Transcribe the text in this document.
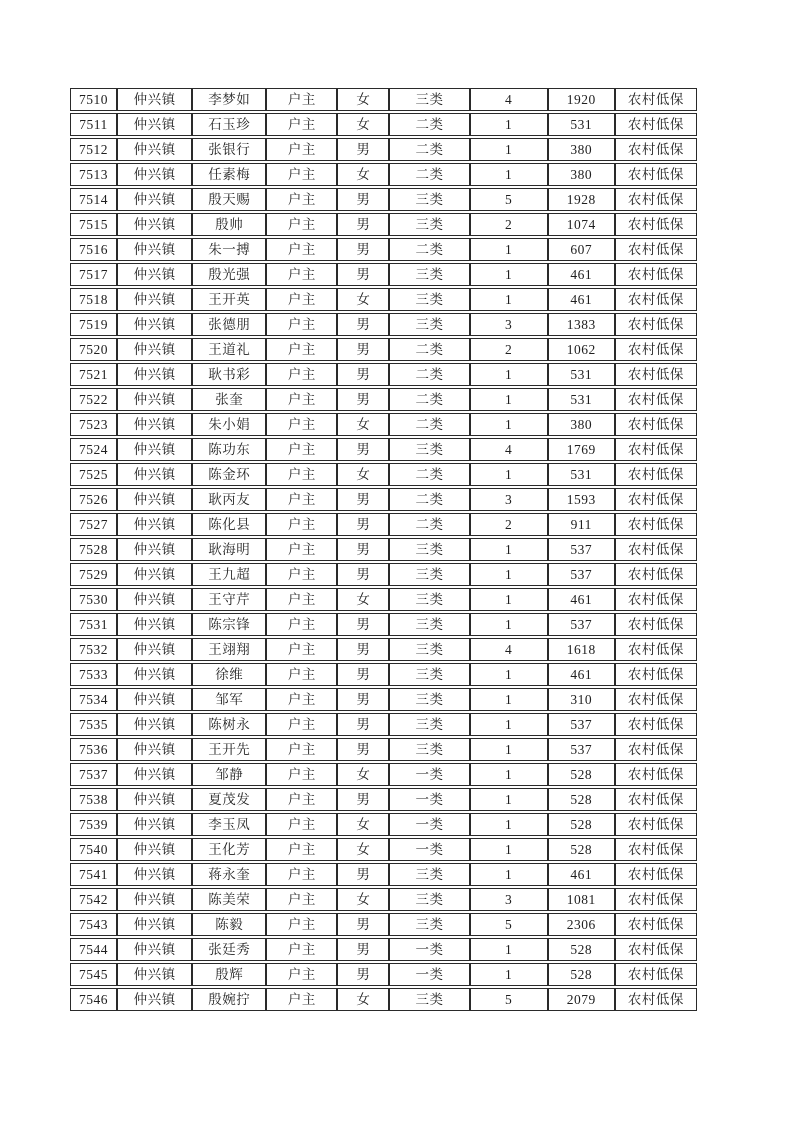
7510	仲兴镇	李梦如	户主	女	三类	4	1920	农村低保
7511	仲兴镇	石玉珍	户主	女	二类	1	531	农村低保
7512	仲兴镇	张银行	户主	男	二类	1	380	农村低保
7513	仲兴镇	任素梅	户主	女	二类	1	380	农村低保
7514	仲兴镇	殷天赐	户主	男	三类	5	1928	农村低保
7515	仲兴镇	殷帅	户主	男	三类	2	1074	农村低保
7516	仲兴镇	朱一搏	户主	男	二类	1	607	农村低保
7517	仲兴镇	殷光强	户主	男	三类	1	461	农村低保
7518	仲兴镇	王开英	户主	女	三类	1	461	农村低保
7519	仲兴镇	张德朋	户主	男	三类	3	1383	农村低保
7520	仲兴镇	王道礼	户主	男	二类	2	1062	农村低保
7521	仲兴镇	耿书彩	户主	男	二类	1	531	农村低保
7522	仲兴镇	张奎	户主	男	二类	1	531	农村低保
7523	仲兴镇	朱小娟	户主	女	二类	1	380	农村低保
7524	仲兴镇	陈功东	户主	男	三类	4	1769	农村低保
7525	仲兴镇	陈金环	户主	女	二类	1	531	农村低保
7526	仲兴镇	耿丙友	户主	男	二类	3	1593	农村低保
7527	仲兴镇	陈化县	户主	男	二类	2	911	农村低保
7528	仲兴镇	耿海明	户主	男	三类	1	537	农村低保
7529	仲兴镇	王九超	户主	男	三类	1	537	农村低保
7530	仲兴镇	王守芹	户主	女	三类	1	461	农村低保
7531	仲兴镇	陈宗锋	户主	男	三类	1	537	农村低保
7532	仲兴镇	王翊翔	户主	男	三类	4	1618	农村低保
7533	仲兴镇	徐维	户主	男	三类	1	461	农村低保
7534	仲兴镇	邹军	户主	男	三类	1	310	农村低保
7535	仲兴镇	陈树永	户主	男	三类	1	537	农村低保
7536	仲兴镇	王开先	户主	男	三类	1	537	农村低保
7537	仲兴镇	邹静	户主	女	一类	1	528	农村低保
7538	仲兴镇	夏茂发	户主	男	一类	1	528	农村低保
7539	仲兴镇	李玉凤	户主	女	一类	1	528	农村低保
7540	仲兴镇	王化芳	户主	女	一类	1	528	农村低保
7541	仲兴镇	蒋永奎	户主	男	三类	1	461	农村低保
7542	仲兴镇	陈美荣	户主	女	三类	3	1081	农村低保
7543	仲兴镇	陈毅	户主	男	三类	5	2306	农村低保
7544	仲兴镇	张廷秀	户主	男	一类	1	528	农村低保
7545	仲兴镇	殷辉	户主	男	一类	1	528	农村低保
7546	仲兴镇	殷婉拧	户主	女	三类	5	2079	农村低保
